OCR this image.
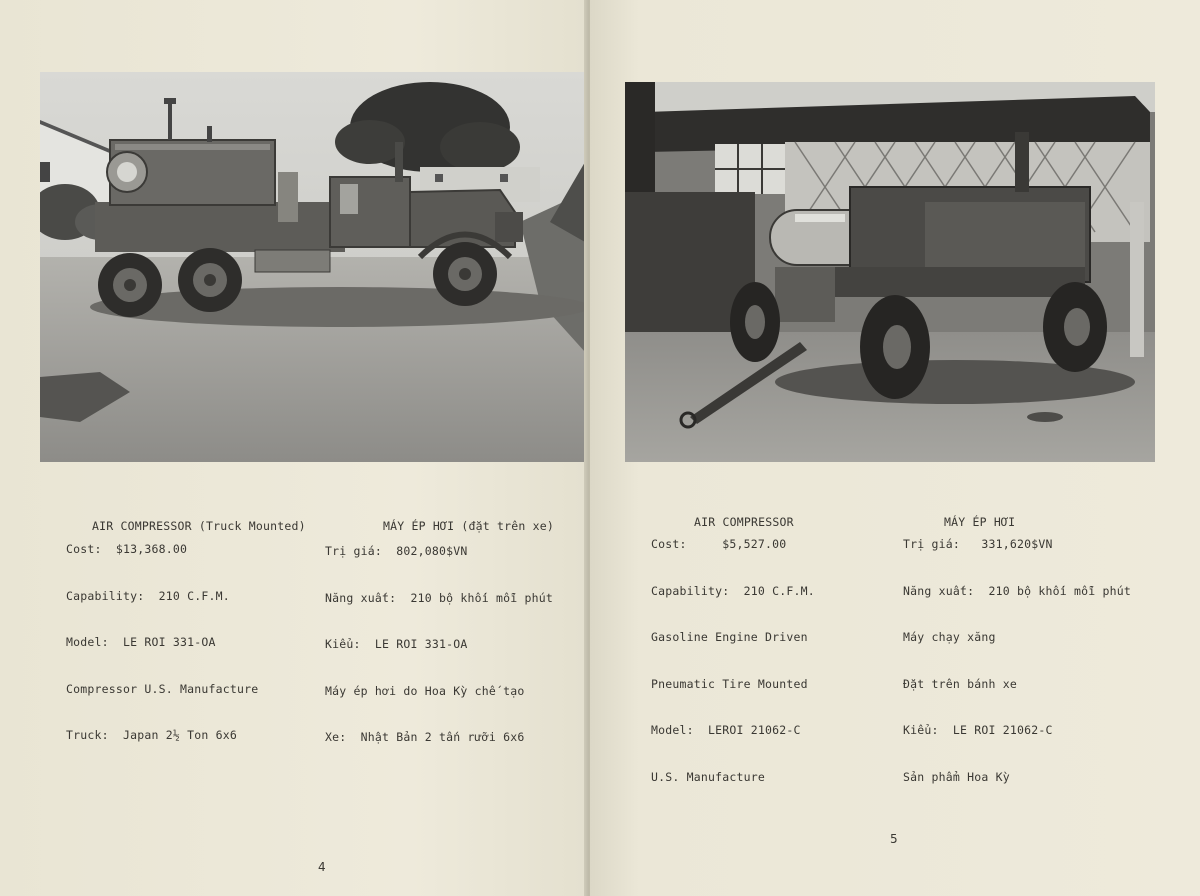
AIR COMPRESSOR (Truck Mounted)

Cost:  $13,368.00

Capability:  210 C.F.M.

Model:  LE ROI 331-OA

Compressor U.S. Manufacture

Truck:  Japan 2½ Ton 6x6

MÁY ÉP HƠI (đặt trên xe)

Trị giá:  802,080$VN

Năng xuất:  210 bộ khối mỗi phút

Kiểu:  LE ROI 331-OA

Máy ép hơi do Hoa Kỳ chế tạo

Xe:  Nhật Bản 2 tấn rưỡi 6x6

4

AIR COMPRESSOR

Cost:     $5,527.00

Capability:  210 C.F.M.

Gasoline Engine Driven

Pneumatic Tire Mounted

Model:  LEROI 21062-C

U.S. Manufacture

MÁY ÉP HƠI

Trị giá:   331,620$VN

Năng xuất:  210 bộ khối mỗi phút

Máy chạy xăng

Đặt trên bánh xe

Kiểu:  LE ROI 21062-C

Sản phẩm Hoa Kỳ

5
